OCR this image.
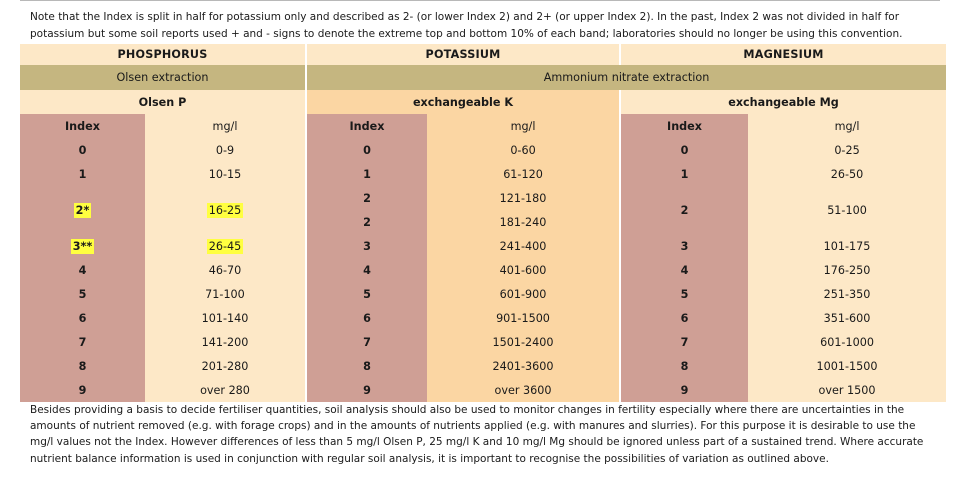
Note that the Index is split in half for potassium only and described as 2- (or lower Index 2) and 2+ (or upper Index 2). In the past, Index 2 was not divided in half for potassium but some soil reports used + and - signs to denote the extreme top and bottom 10% of each band; laboratories should no longer be using this convention.

PHOSPHORUS		POTASSIUM		MAGNESIUM	
Olsen extraction		Ammonium nitrate extraction			
Olsen P		exchangeable K		exchangeable Mg	
Index	mg/l	Index	mg/l	Index	mg/l
0	0-9	0	0-60	0	0-25
1	10-15	1	61-120	1	26-50
2*	16-25	2	121-180	2	51-100
		2	181-240		
3**	26-45	3	241-400	3	101-175
4	46-70	4	401-600	4	176-250
5	71-100	5	601-900	5	251-350
6	101-140	6	901-1500	6	351-600
7	141-200	7	1501-2400	7	601-1000
8	201-280	8	2401-3600	8	1001-1500
9	over 280	9	over 3600	9	over 1500

Besides providing a basis to decide fertiliser quantities, soil analysis should also be used to monitor changes in fertility especially where there are uncertainties in the amounts of nutrient removed (e.g. with forage crops) and in the amounts of nutrients applied (e.g. with manures and slurries). For this purpose it is desirable to use the mg/l values not the Index. However differences of less than 5 mg/l Olsen P, 25 mg/l K and 10 mg/l Mg should be ignored unless part of a sustained trend. Where accurate nutrient balance information is used in conjunction with regular soil analysis, it is important to recognise the possibilities of variation as outlined above.
